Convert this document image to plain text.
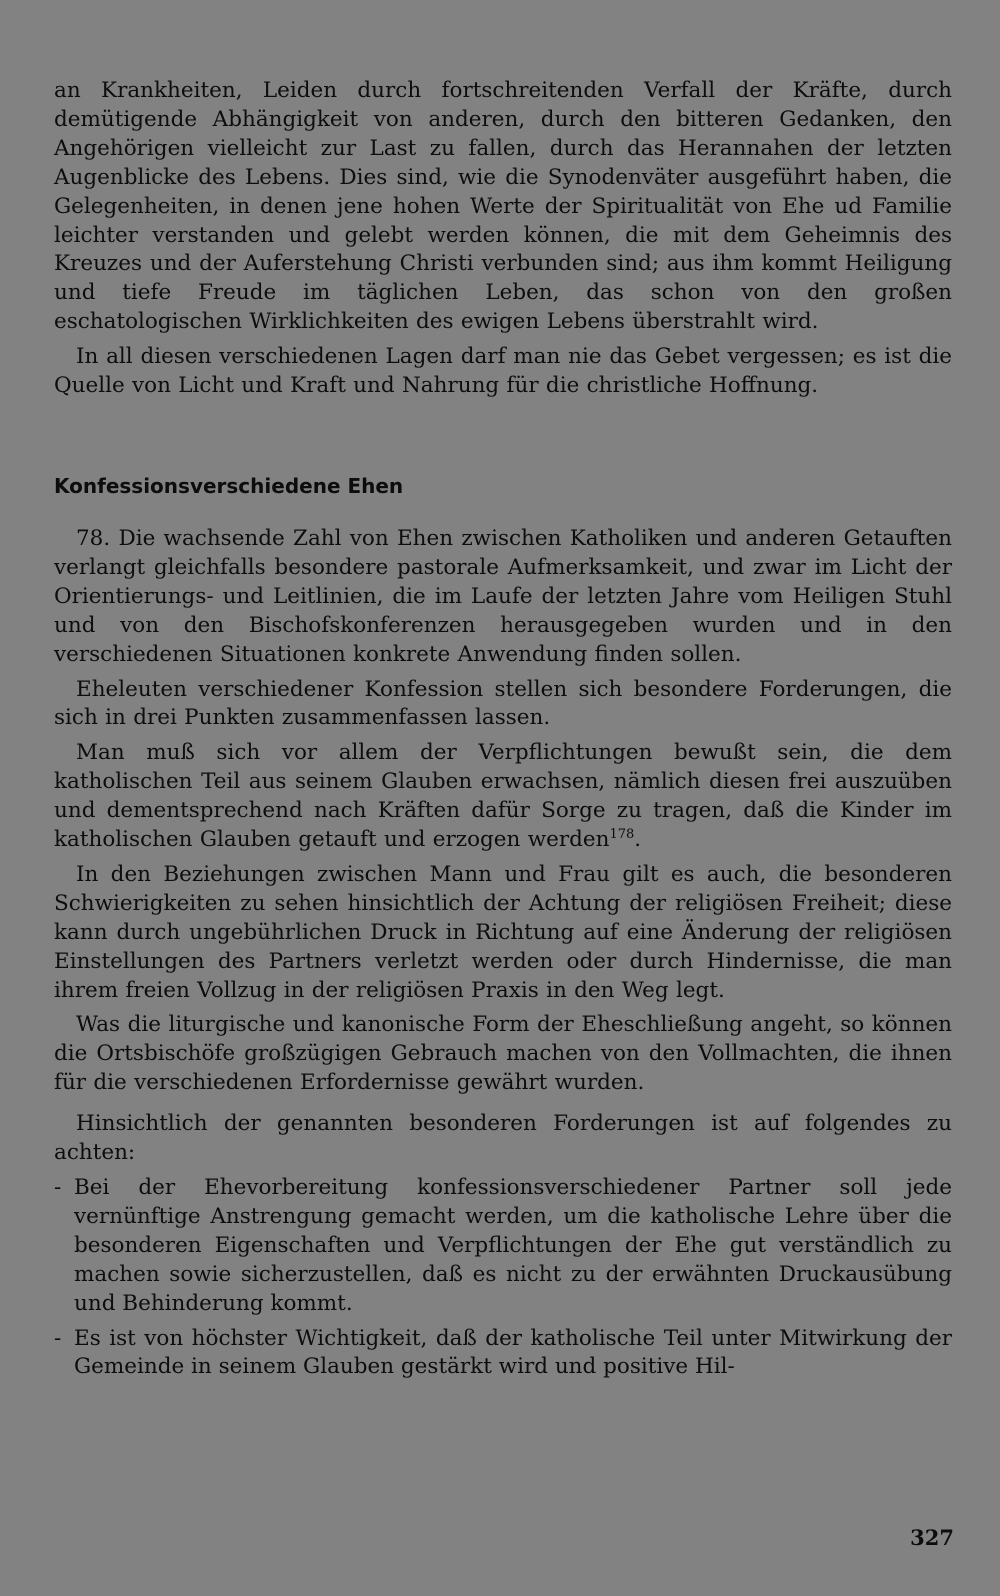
an Krankheiten, Leiden durch fortschreitenden Verfall der Kräfte, durch demütigende Abhängigkeit von anderen, durch den bitteren Gedanken, den Angehörigen vielleicht zur Last zu fallen, durch das Herannahen der letzten Augenblicke des Lebens. Dies sind, wie die Synodenväter ausgeführt haben, die Gelegenheiten, in denen jene hohen Werte der Spiritualität von Ehe ud Familie leichter verstanden und gelebt werden können, die mit dem Geheimnis des Kreuzes und der Auferstehung Christi verbunden sind; aus ihm kommt Heiligung und tiefe Freude im täglichen Leben, das schon von den großen eschatologischen Wirklichkeiten des ewigen Lebens überstrahlt wird.

In all diesen verschiedenen Lagen darf man nie das Gebet vergessen; es ist die Quelle von Licht und Kraft und Nahrung für die christliche Hoffnung.

Konfessionsverschiedene Ehen

78. Die wachsende Zahl von Ehen zwischen Katholiken und anderen Getauften verlangt gleichfalls besondere pastorale Aufmerksamkeit, und zwar im Licht der Orientierungs- und Leitlinien, die im Laufe der letzten Jahre vom Heiligen Stuhl und von den Bischofskonferenzen herausgegeben wurden und in den verschiedenen Situationen konkrete Anwendung finden sollen.

Eheleuten verschiedener Konfession stellen sich besondere Forderungen, die sich in drei Punkten zusammenfassen lassen.

Man muß sich vor allem der Verpflichtungen bewußt sein, die dem katholischen Teil aus seinem Glauben erwachsen, nämlich diesen frei auszuüben und dementsprechend nach Kräften dafür Sorge zu tragen, daß die Kinder im katholischen Glauben getauft und erzogen werden$^{178}$.

In den Beziehungen zwischen Mann und Frau gilt es auch, die besonderen Schwierigkeiten zu sehen hinsichtlich der Achtung der religiösen Freiheit; diese kann durch ungebührlichen Druck in Richtung auf eine Änderung der religiösen Einstellungen des Partners verletzt werden oder durch Hindernisse, die man ihrem freien Vollzug in der religiösen Praxis in den Weg legt.

Was die liturgische und kanonische Form der Eheschließung angeht, so können die Ortsbischöfe großzügigen Gebrauch machen von den Vollmachten, die ihnen für die verschiedenen Erfordernisse gewährt wurden.

Hinsichtlich der genannten besonderen Forderungen ist auf folgendes zu achten:

- Bei der Ehevorbereitung konfessionsverschiedener Partner soll jede vernünftige Anstrengung gemacht werden, um die katholische Lehre über die besonderen Eigenschaften und Verpflichtungen der Ehe gut verständlich zu machen sowie sicherzustellen, daß es nicht zu der erwähnten Druckausübung und Behinderung kommt.
- Es ist von höchster Wichtigkeit, daß der katholische Teil unter Mitwirkung der Gemeinde in seinem Glauben gestärkt wird und positive Hil-
327
